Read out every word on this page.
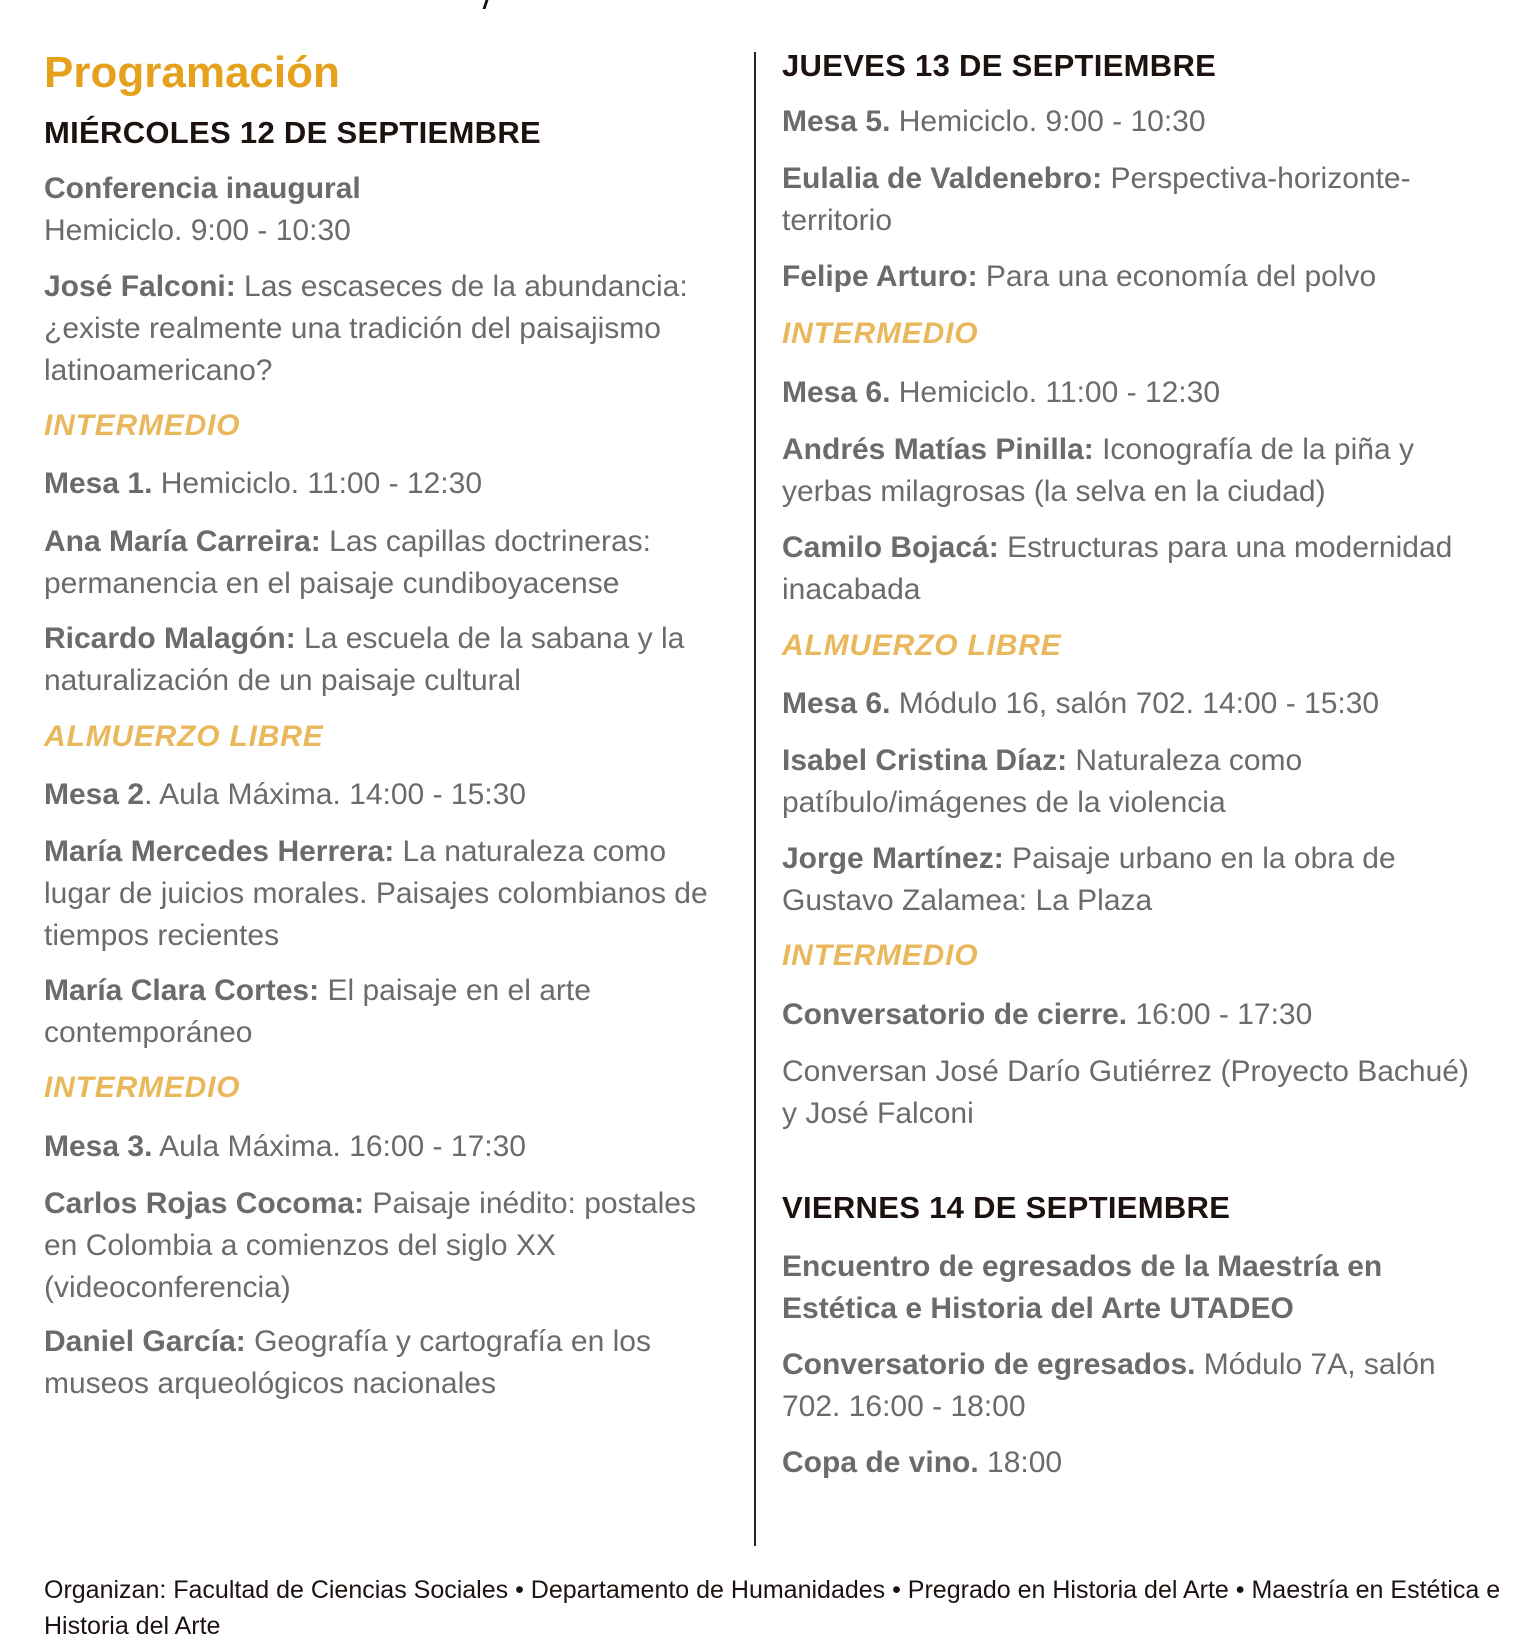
Programación
MIÉRCOLES 12 DE SEPTIEMBRE

Conferencia inaugural
Hemiciclo. 9:00 - 10:30

José Falconi: Las escaseces de la abundancia: ¿existe realmente una tradición del paisajismo latinoamericano?

INTERMEDIO

Mesa 1. Hemiciclo. 11:00 - 12:30

Ana María Carreira: Las capillas doctrineras: permanencia en el paisaje cundiboyacense

Ricardo Malagón: La escuela de la sabana y la naturalización de un paisaje cultural

ALMUERZO LIBRE

Mesa 2. Aula Máxima. 14:00 - 15:30

María Mercedes Herrera: La naturaleza como lugar de juicios morales. Paisajes colombianos de tiempos recientes

María Clara Cortes: El paisaje en el arte contemporáneo

INTERMEDIO

Mesa 3. Aula Máxima. 16:00 - 17:30

Carlos Rojas Cocoma: Paisaje inédito: postales en Colombia a comienzos del siglo XX (videoconferencia)

Daniel García: Geografía y cartografía en los museos arqueológicos nacionales

JUEVES 13 DE SEPTIEMBRE

Mesa 5. Hemiciclo. 9:00 - 10:30

Eulalia de Valdenebro: Perspectiva-horizonte-territorio

Felipe Arturo: Para una economía del polvo

INTERMEDIO

Mesa 6. Hemiciclo. 11:00 - 12:30

Andrés Matías Pinilla: Iconografía de la piña y yerbas milagrosas (la selva en la ciudad)

Camilo Bojacá: Estructuras para una modernidad inacabada

ALMUERZO LIBRE

Mesa 6. Módulo 16, salón 702. 14:00 - 15:30

Isabel Cristina Díaz: Naturaleza como patíbulo/imágenes de la violencia

Jorge Martínez: Paisaje urbano en la obra de Gustavo Zalamea: La Plaza

INTERMEDIO

Conversatorio de cierre. 16:00 - 17:30

Conversan José Darío Gutiérrez (Proyecto Bachué) y José Falconi

VIERNES 14 DE SEPTIEMBRE

Encuentro de egresados de la Maestría en Estética e Historia del Arte UTADEO

Conversatorio de egresados. Módulo 7A, salón 702. 16:00 - 18:00

Copa de vino. 18:00

Organizan: Facultad de Ciencias Sociales • Departamento de Humanidades • Pregrado en Historia del Arte • Maestría en Estética e Historia del Arte
